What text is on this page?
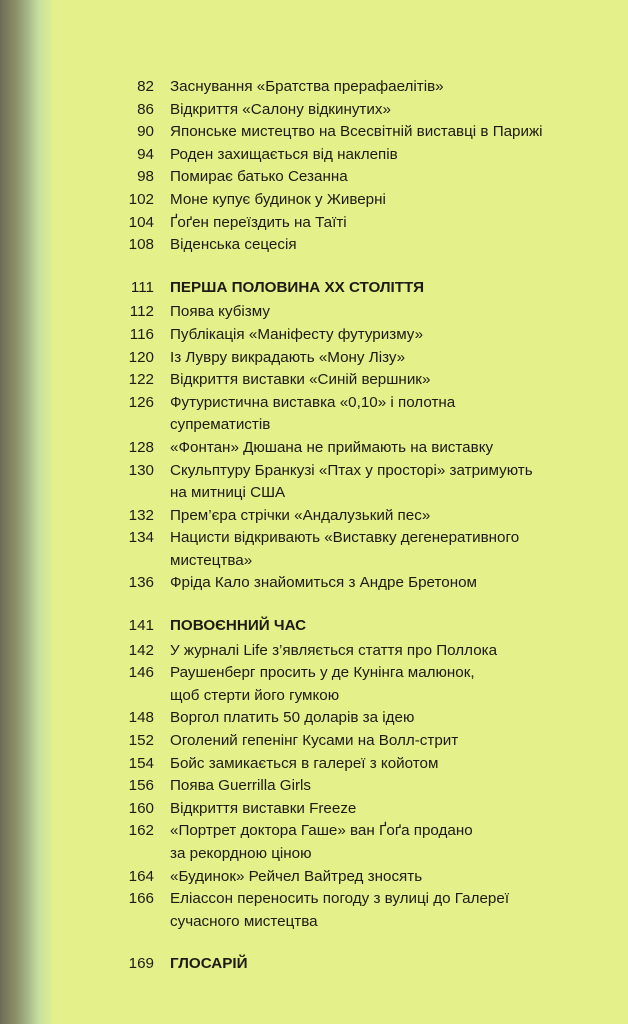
82	Заснування «Братства прерафаелітів»
86	Відкриття «Салону відкинутих»
90	Японське мистецтво на Всесвітній виставці в Парижі
94	Роден захищається від наклепів
98	Помирає батько Сезанна
102	Моне купує будинок у Живерні
104	Ґоґен переїздить на Таїті
108	Віденська сецесія
111	ПЕРША ПОЛОВИНА XX СТОЛІТТЯ
112	Поява кубізму
116	Публікація «Маніфесту футуризму»
120	Із Лувру викрадають «Мону Лізу»
122	Відкриття виставки «Синій вершник»
126	Футуристична виставка «0,10» і полотна
супрематистів
128	«Фонтан» Дюшана не приймають на виставку
130	Скульптуру Бранкузі «Птах у просторі» затримують
на митниці США
132	Прем’єра стрічки «Андалузький пес»
134	Нацисти відкривають «Виставку дегенеративного
мистецтва»
136	Фріда Кало знайомиться з Андре Бретоном
141	ПОВОЄННИЙ ЧАС
142	У журналі Life з’являється стаття про Поллока
146	Раушенберг просить у де Кунінга малюнок,
щоб стерти його гумкою
148	Воргол платить 50 доларів за ідею
152	Оголений гепенінг Кусами на Волл-стрит
154	Бойс замикається в галереї з койотом
156	Поява Guerrilla Girls
160	Відкриття виставки Freeze
162	«Портрет доктора Гаше» ван Ґоґа продано
за рекордною ціною
164	«Будинок» Рейчел Вайтред зносять
166	Еліассон переносить погоду з вулиці до Галереї
сучасного мистецтва
169	ГЛОСАРІЙ
